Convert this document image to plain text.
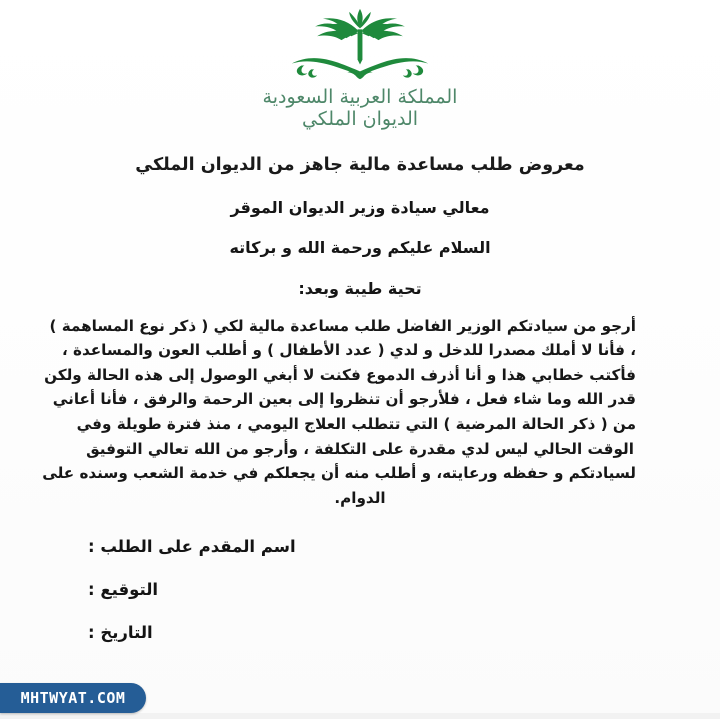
المملكة العربية السعودية
الديوان الملكي
معروض طلب مساعدة مالية جاهز من الديوان الملكي
معالي سيادة وزير الديوان الموقر
السلام عليكم ورحمة الله و بركاته
تحية طيبة وبعد:
أرجو من سيادتكم الوزير الفاضل طلب مساعدة مالية لكي ( ذكر نوع المساهمة )
، فأنا لا أملك مصدرا للدخل و لدي ( عدد الأطفال ) و أطلب العون والمساعدة ،
فأكتب خطابي هذا و أنا أذرف الدموع فكنت لا أبغي الوصول إلى هذه الحالة ولكن
قدر الله وما شاء فعل ، فلأرجو أن تنظروا إلى بعين الرحمة والرفق ، فأنا أعاني
من ( ذكر الحالة المرضية ) التي تتطلب العلاج اليومي ، منذ فترة طويلة وفي
الوقت الحالي ليس لدي مقدرة على التكلفة ، وأرجو من الله تعالي التوفيق
لسيادتكم و حفظه ورعايته، و أطلب منه أن يجعلكم في خدمة الشعب وسنده على
الدوام.
اسم المقدم على الطلب :
التوقيع :
التاريخ :
MHTWYAT.COM
